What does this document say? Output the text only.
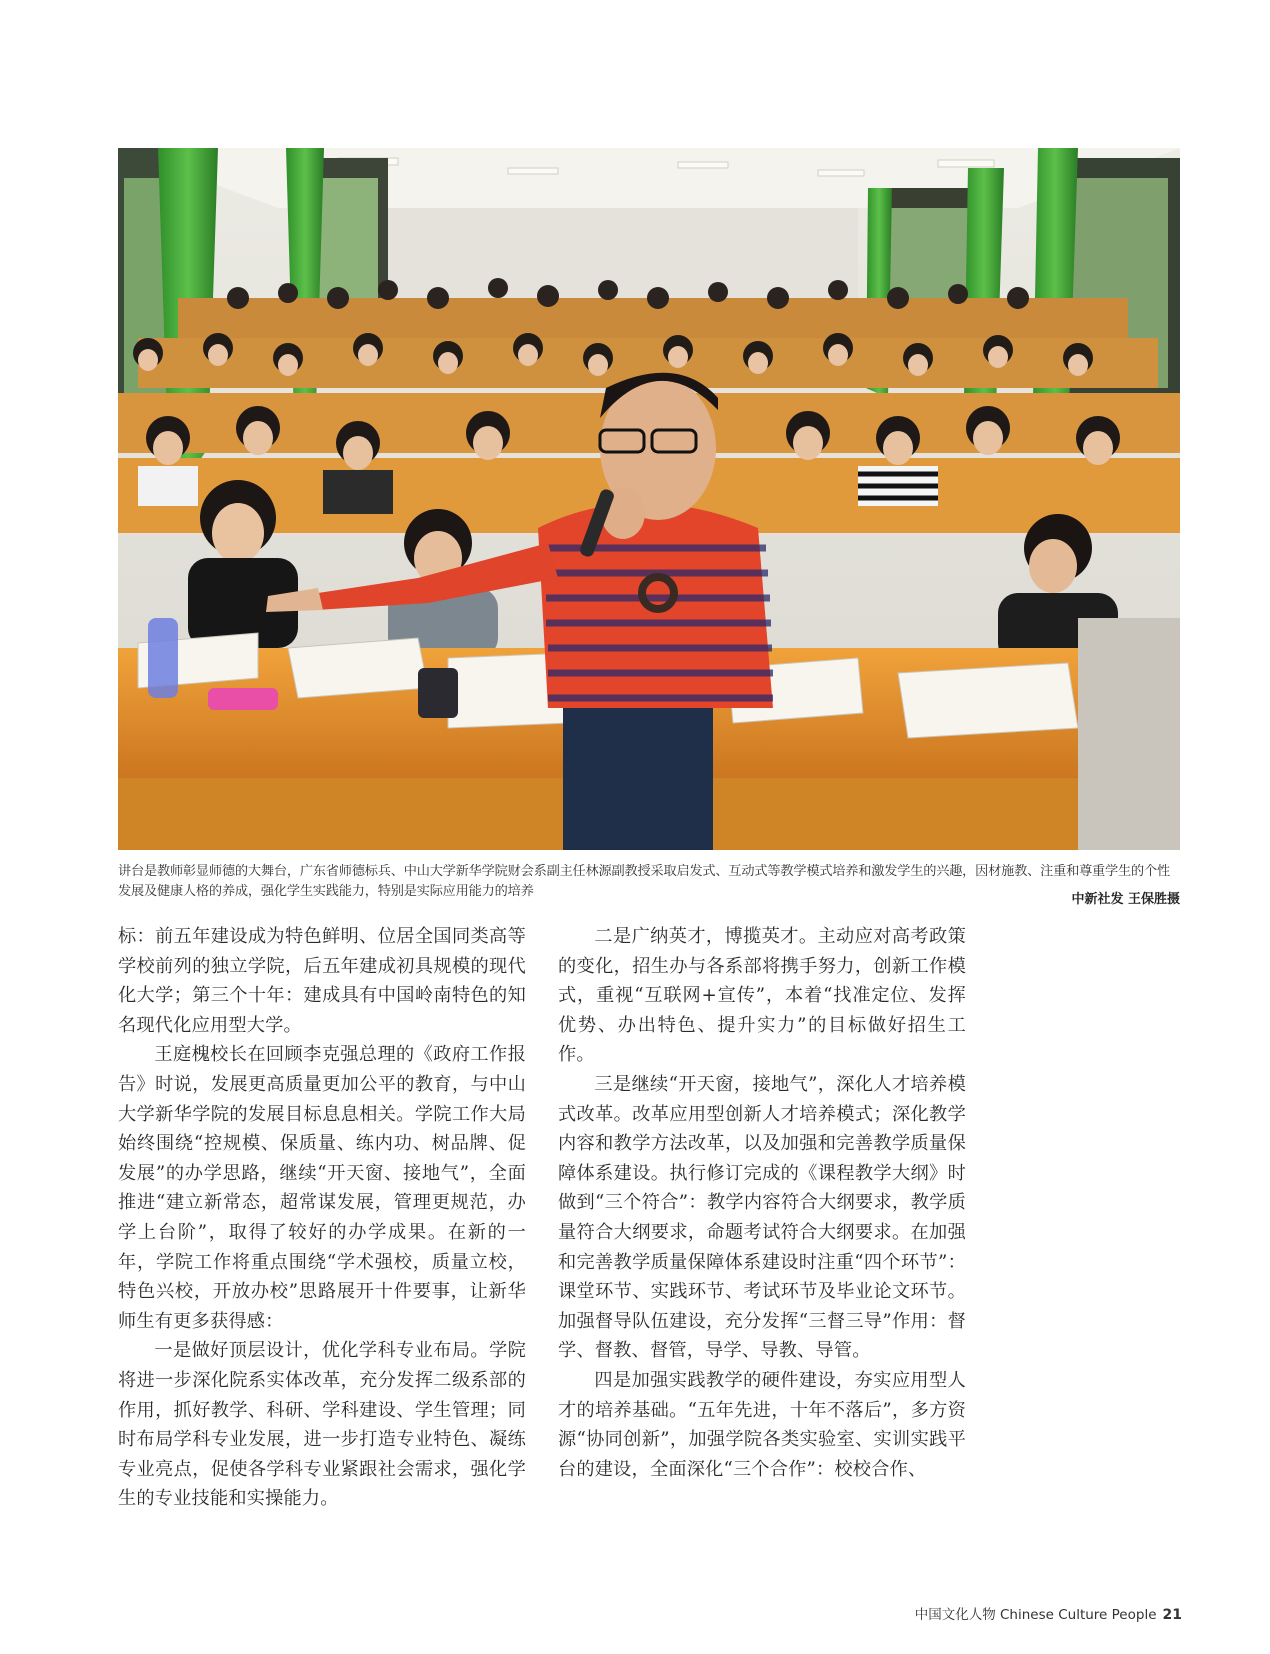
讲台是教师彰显师德的大舞台，广东省师德标兵、中山大学新华学院财会系副主任林源副教授采取启发式、互动式等教学模式培养和激发学生的兴趣，因材施教、注重和尊重学生的个性发展及健康人格的养成，强化学生实践能力，特别是实际应用能力的培养
中新社发 王保胜摄

标：前五年建设成为特色鲜明、位居全国同类高等学校前列的独立学院，后五年建成初具规模的现代化大学；第三个十年：建成具有中国岭南特色的知名现代化应用型大学。

王庭槐校长在回顾李克强总理的《政府工作报告》时说，发展更高质量更加公平的教育，与中山大学新华学院的发展目标息息相关。学院工作大局始终围绕“控规模、保质量、练内功、树品牌、促发展”的办学思路，继续“开天窗、接地气”，全面推进“建立新常态，超常谋发展，管理更规范，办学上台阶”，取得了较好的办学成果。在新的一年，学院工作将重点围绕“学术强校，质量立校，特色兴校，开放办校”思路展开十件要事，让新华师生有更多获得感：

一是做好顶层设计，优化学科专业布局。学院将进一步深化院系实体改革，充分发挥二级系部的作用，抓好教学、科研、学科建设、学生管理；同时布局学科专业发展，进一步打造专业特色、凝练专业亮点，促使各学科专业紧跟社会需求，强化学生的专业技能和实操能力。

二是广纳英才，博揽英才。主动应对高考政策的变化，招生办与各系部将携手努力，创新工作模式，重视“互联网+宣传”，本着“找准定位、发挥优势、办出特色、提升实力”的目标做好招生工作。

三是继续“开天窗，接地气”，深化人才培养模式改革。改革应用型创新人才培养模式；深化教学内容和教学方法改革，以及加强和完善教学质量保障体系建设。执行修订完成的《课程教学大纲》时做到“三个符合”：教学内容符合大纲要求，教学质量符合大纲要求，命题考试符合大纲要求。在加强和完善教学质量保障体系建设时注重“四个环节”：课堂环节、实践环节、考试环节及毕业论文环节。加强督导队伍建设，充分发挥“三督三导”作用：督学、督教、督管，导学、导教、导管。

四是加强实践教学的硬件建设，夯实应用型人才的培养基础。“五年先进，十年不落后”，多方资源“协同创新”，加强学院各类实验室、实训实践平台的建设，全面深化“三个合作”：校校合作、

中国文化人物 Chinese Culture People 21
